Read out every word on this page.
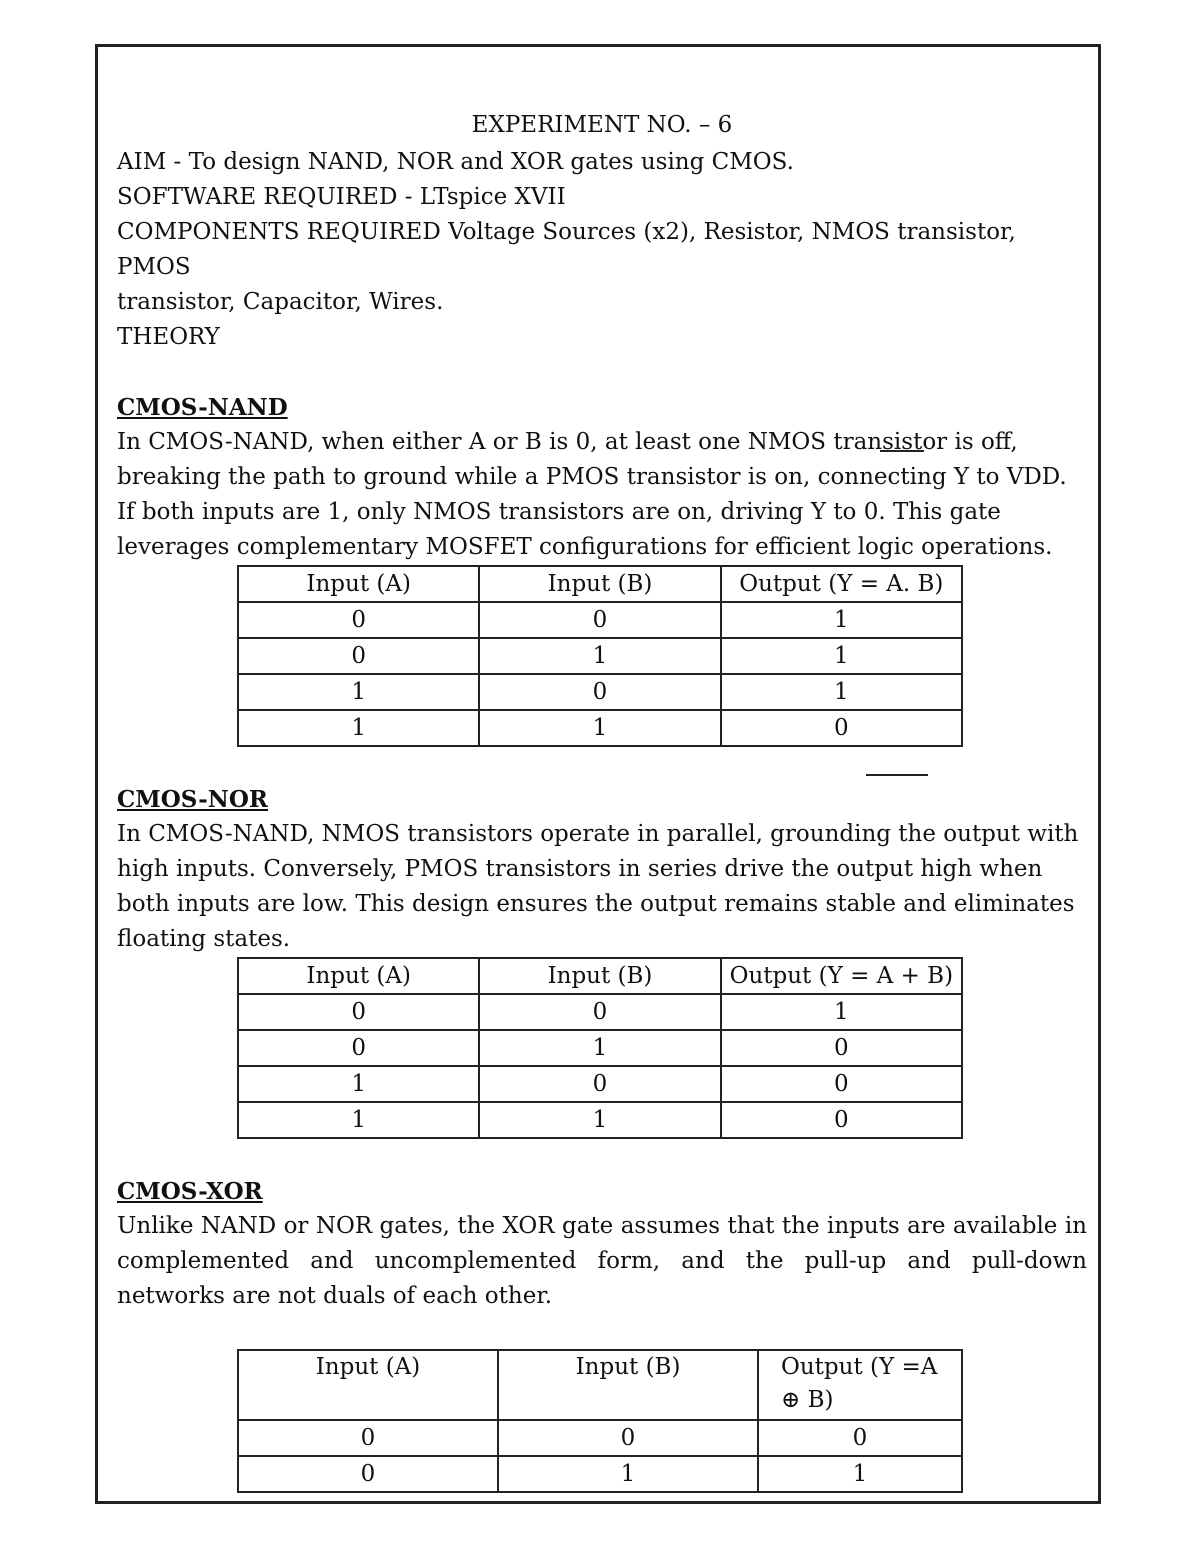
EXPERIMENT NO. – 6

AIM - To design NAND, NOR and XOR gates using CMOS.

SOFTWARE REQUIRED - LTspice XVII

COMPONENTS REQUIRED Voltage Sources (x2), Resistor, NMOS transistor, PMOS

transistor, Capacitor, Wires.

THEORY

CMOS-NAND

In CMOS-NAND, when either A or B is 0, at least one NMOS transistor is off, breaking the path to ground while a PMOS transistor is on, connecting Y to VDD. If both inputs are 1, only NMOS transistors are on, driving Y to 0. This gate leverages complementary MOSFET configurations for efficient logic operations.

Input (A)	Input (B)	Output (Y = A. B)
0	0	1
0	1	1
1	0	1
1	1	0

CMOS-NOR

In CMOS-NAND, NMOS transistors operate in parallel, grounding the output with high inputs. Conversely, PMOS transistors in series drive the output high when both inputs are low. This design ensures the output remains stable and eliminates floating states.

Input (A)	Input (B)	Output (Y = A + B)
0	0	1
0	1	0
1	0	0
1	1	0

CMOS-XOR

Unlike NAND or NOR gates, the XOR gate assumes that the inputs are available in complemented and uncomplemented form, and the pull-up and pull-down networks are not duals of each other.

Input (A)	Input (B)	Output (Y =A ⊕ B)
0	0	0
0	1	1
